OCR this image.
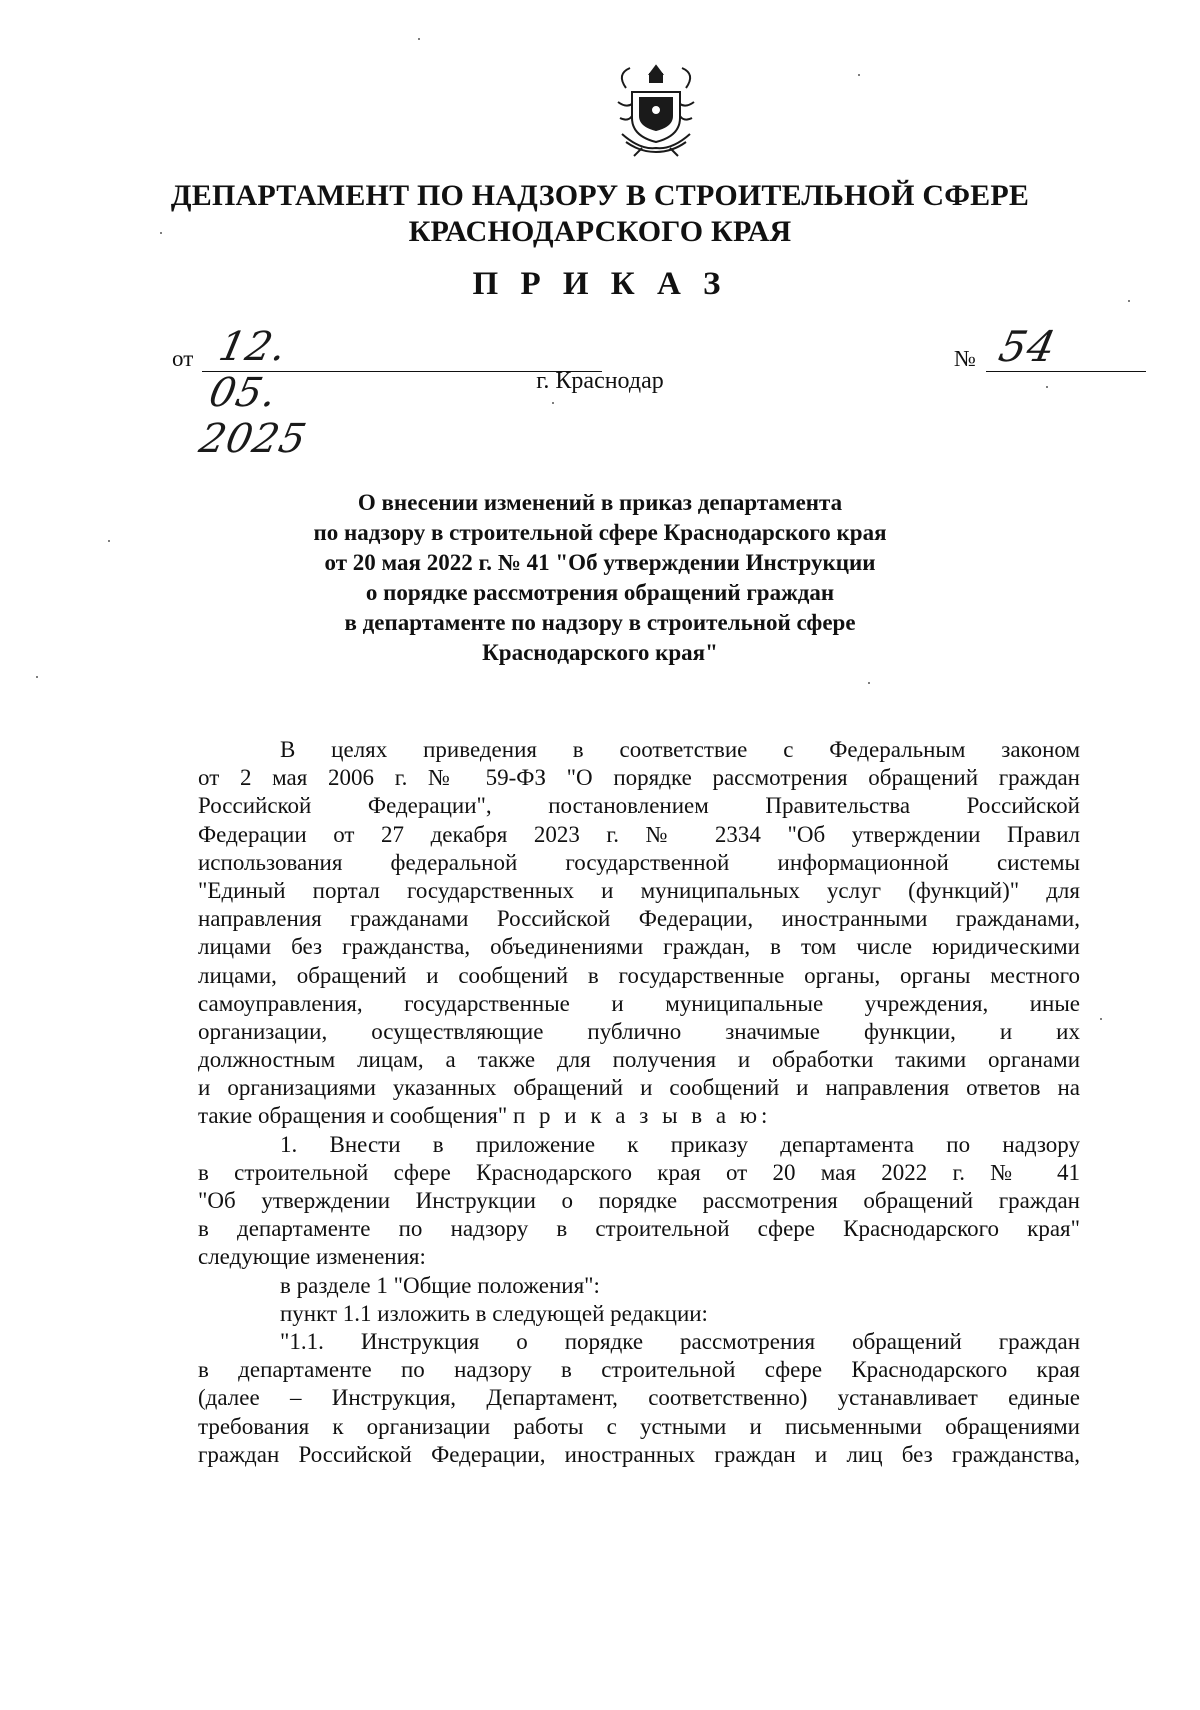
ДЕПАРТАМЕНТ ПО НАДЗОРУ В СТРОИТЕЛЬНОЙ СФЕРЕ
КРАСНОДАРСКОГО КРАЯ
П Р И К А З
от 12. 05. 2025
№ 54
г. Краснодар
О внесении изменений в приказ департамента
по надзору в строительной сфере Краснодарского края
от 20 мая 2022 г. № 41 "Об утверждении Инструкции
о порядке рассмотрения обращений граждан
в департаменте по надзору в строительной сфере
Краснодарского края"
В целях приведения в соответствие с Федеральным законом
от 2 мая 2006 г. № 59-ФЗ "О порядке рассмотрения обращений граждан
Российской Федерации", постановлением Правительства Российской
Федерации от 27 декабря 2023 г. № 2334 "Об утверждении Правил
использования федеральной государственной информационной системы
"Единый портал государственных и муниципальных услуг (функций)" для
направления гражданами Российской Федерации, иностранными гражданами,
лицами без гражданства, объединениями граждан, в том числе юридическими
лицами, обращений и сообщений в государственные органы, органы местного
самоуправления, государственные и муниципальные учреждения, иные
организации, осуществляющие публично значимые функции, и их
должностным лицам, а также для получения и обработки такими органами
и организациями указанных обращений и сообщений и направления ответов на
такие обращения и сообщения" п р и к а з ы в а ю:
1. Внести в приложение к приказу департамента по надзору
в строительной сфере Краснодарского края от 20 мая 2022 г. № 41
"Об утверждении Инструкции о порядке рассмотрения обращений граждан
в департаменте по надзору в строительной сфере Краснодарского края"
следующие изменения:
в разделе 1 "Общие положения":
пункт 1.1 изложить в следующей редакции:
"1.1. Инструкция о порядке рассмотрения обращений граждан
в департаменте по надзору в строительной сфере Краснодарского края
(далее – Инструкция, Департамент, соответственно) устанавливает единые
требования к организации работы с устными и письменными обращениями
граждан Российской Федерации, иностранных граждан и лиц без гражданства,
